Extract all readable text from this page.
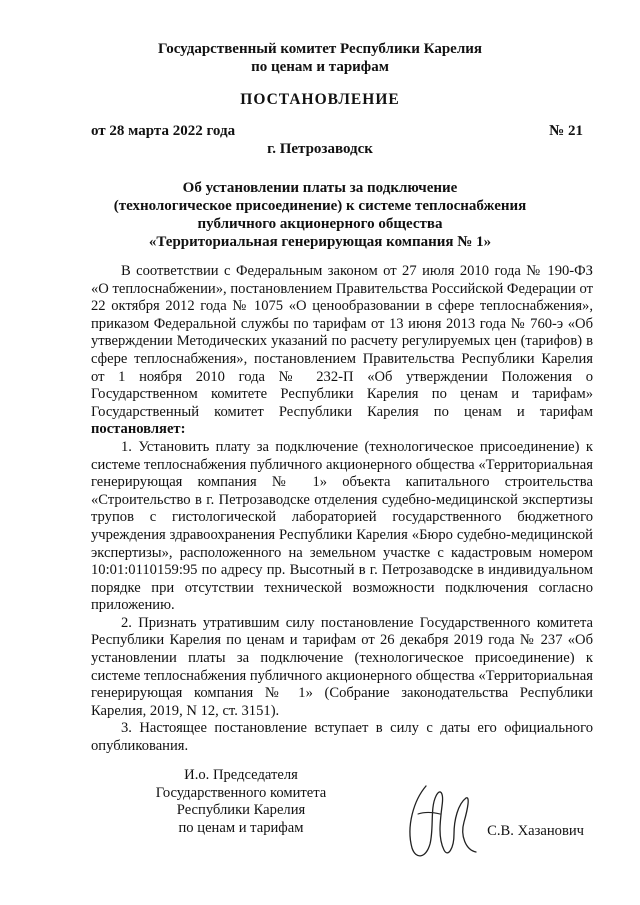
Государственный комитет Республики Карелия
по ценам и тарифам
ПОСТАНОВЛЕНИЕ
от 28 марта 2022 года	№ 21
г. Петрозаводск
Об установлении платы за подключение
(технологическое присоединение) к системе теплоснабжения
публичного акционерного общества
«Территориальная генерирующая компания № 1»

В соответствии с Федеральным законом от 27 июля 2010 года № 190-ФЗ «О теплоснабжении», постановлением Правительства Российской Федерации от 22 октября 2012 года № 1075 «О ценообразовании в сфере теплоснабжения», приказом Федеральной службы по тарифам от 13 июня 2013 года № 760-э «Об утверждении Методических указаний по расчету регулируемых цен (тарифов) в сфере теплоснабжения», постановлением Правительства Республики Карелия от 1 ноября 2010 года № 232-П «Об утверждении Положения о Государственном комитете Республики Карелия по ценам и тарифам» Государственный комитет Республики Карелия по ценам и тарифам постановляет:

1. Установить плату за подключение (технологическое присоединение) к системе теплоснабжения публичного акционерного общества «Территориальная генерирующая компания № 1» объекта капитального строительства «Строительство в г. Петрозаводске отделения судебно-медицинской экспертизы трупов с гистологической лабораторией государственного бюджетного учреждения здравоохранения Республики Карелия «Бюро судебно-медицинской экспертизы», расположенного на земельном участке с кадастровым номером 10:01:0110159:95 по адресу пр. Высотный в г. Петрозаводске в индивидуальном порядке при отсутствии технической возможности подключения согласно приложению.

2. Признать утратившим силу постановление Государственного комитета Республики Карелия по ценам и тарифам от 26 декабря 2019 года № 237 «Об установлении платы за подключение (технологическое присоединение) к системе теплоснабжения публичного акционерного общества «Территориальная генерирующая компания № 1» (Собрание законодательства Республики Карелия, 2019, N 12, ст. 3151).

3. Настоящее постановление вступает в силу с даты его официального опубликования.

И.о. Председателя
Государственного комитета
Республики Карелия
по ценам и тарифам	С.В. Хазанович
